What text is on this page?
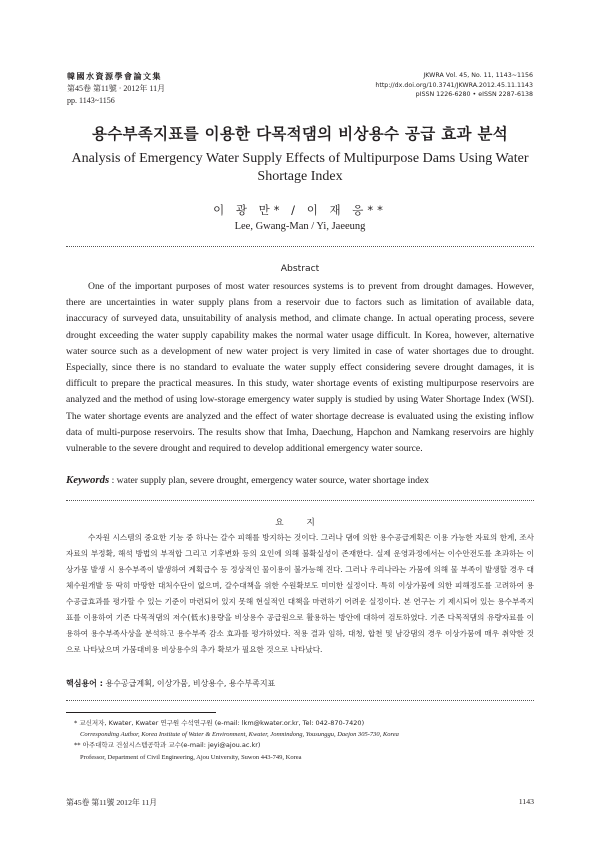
韓國水資源學會論文集
第45卷 第11號 · 2012年 11月
pp. 1143~1156
JKWRA Vol. 45, No. 11, 1143~1156
http://dx.doi.org/10.3741/JKWRA.2012.45.11.1143
pISSN 1226-6280 • eISSN 2287-6138
용수부족지표를 이용한 다목적댐의 비상용수 공급 효과 분석
Analysis of Emergency Water Supply Effects of Multipurpose Dams Using Water Shortage Index
이 광 만* / 이 재 응**
Lee, Gwang-Man / Yi, Jaeeung
Abstract
One of the important purposes of most water resources systems is to prevent from drought damages. However, there are uncertainties in water supply plans from a reservoir due to factors such as limitation of available data, inaccuracy of surveyed data, unsuitability of analysis method, and climate change. In actual operating process, severe drought exceeding the water supply capability makes the normal water usage difficult. In Korea, however, alternative water source such as a development of new water project is very limited in case of water shortages due to drought. Especially, since there is no standard to evaluate the water supply effect considering severe drought damages, it is difficult to prepare the practical measures. In this study, water shortage events of existing multipurpose reservoirs are analyzed and the method of using low-storage emergency water supply is studied by using Water Shortage Index (WSI). The water shortage events are analyzed and the effect of water shortage decrease is evaluated using the existing inflow data of multi-purpose reservoirs. The results show that Imha, Daechung, Hapchon and Namkang reservoirs are highly vulnerable to the severe drought and required to develop additional emergency water source.
Keywords : water supply plan, severe drought, emergency water source, water shortage index
요 지
수자원 시스템의 중요한 기능 중 하나는 갈수 피해를 방지하는 것이다. 그러나 댐에 의한 용수공급계획은 이용 가능한 자료의 한계, 조사 자료의 부정확, 해석 방법의 부적합 그리고 기후변화 등의 요인에 의해 불확실성이 존재한다. 실제 운영과정에서는 이수안전도를 초과하는 이상가뭄 발생 시 용수부족이 발생하여 계획급수 등 정상적인 물이용이 불가능해 진다. 그러나 우리나라는 가뭄에 의해 물 부족이 발생할 경우 대체수원개발 등 딱히 마땅한 대처수단이 없으며, 갈수대책을 위한 수원확보도 미미한 실정이다. 특히 이상가뭄에 의한 피해정도를 고려하여 용수공급효과를 평가할 수 있는 기준이 마련되어 있지 못해 현실적인 대책을 마련하기 어려운 실정이다. 본 연구는 기 제시되어 있는 용수부족지표를 이용하여 기존 다목적댐의 저수(低水)용량을 비상용수 공급원으로 활용하는 방안에 대하여 검토하였다. 기존 다목적댐의 유량자료를 이용하여 용수부족사상을 분석하고 용수부족 감소 효과를 평가하였다. 적용 결과 임하, 대청, 합천 및 남강댐의 경우 이상가뭄에 매우 취약한 것으로 나타났으며 가뭄대비용 비상용수의 추가 확보가 필요한 것으로 나타났다.
핵심용어 : 용수공급계획, 이상가뭄, 비상용수, 용수부족지표
* 교신저자, Kwater, Kwater 연구원 수석연구원 (e-mail: lkm@kwater.or.kr, Tel: 042-870-7420)
Corresponding Author, Korea Institute of Water & Environment, Kwater, Jonmindong, Yousunggu, Daejon 305-730, Korea
** 아주대학교 건설시스템공학과 교수(e-mail: jeyi@ajou.ac.kr)
Professor, Department of Civil Engineering, Ajou University, Suwon 443-749, Korea
第45卷 第11號 2012年 11月	1143
